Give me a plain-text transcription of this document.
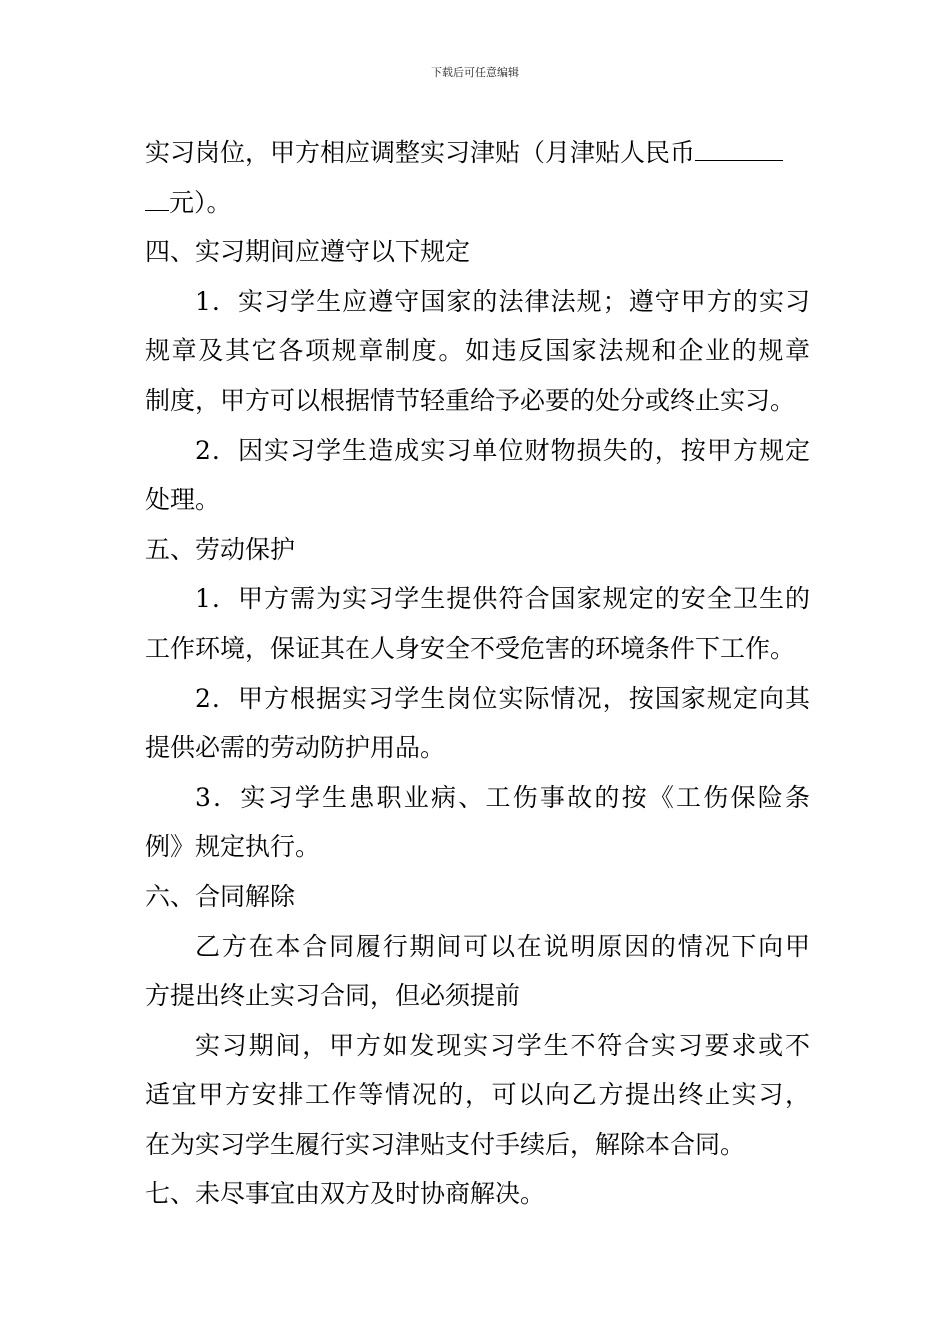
下载后可任意编辑
实习岗位，甲方相应调整实习津贴（月津贴人民币
元）。
四、实习期间应遵守以下规定
1．实习学生应遵守国家的法律法规；遵守甲方的实习
规章及其它各项规章制度。如违反国家法规和企业的规章
制度，甲方可以根据情节轻重给予必要的处分或终止实习。
2．因实习学生造成实习单位财物损失的，按甲方规定
处理。
五、劳动保护
1．甲方需为实习学生提供符合国家规定的安全卫生的
工作环境，保证其在人身安全不受危害的环境条件下工作。
2．甲方根据实习学生岗位实际情况，按国家规定向其
提供必需的劳动防护用品。
3．实习学生患职业病、工伤事故的按《工伤保险条
例》规定执行。
六、合同解除
乙方在本合同履行期间可以在说明原因的情况下向甲
方提出终止实习合同，但必须提前
实习期间，甲方如发现实习学生不符合实习要求或不
适宜甲方安排工作等情况的，可以向乙方提出终止实习，
在为实习学生履行实习津贴支付手续后，解除本合同。
七、未尽事宜由双方及时协商解决。
